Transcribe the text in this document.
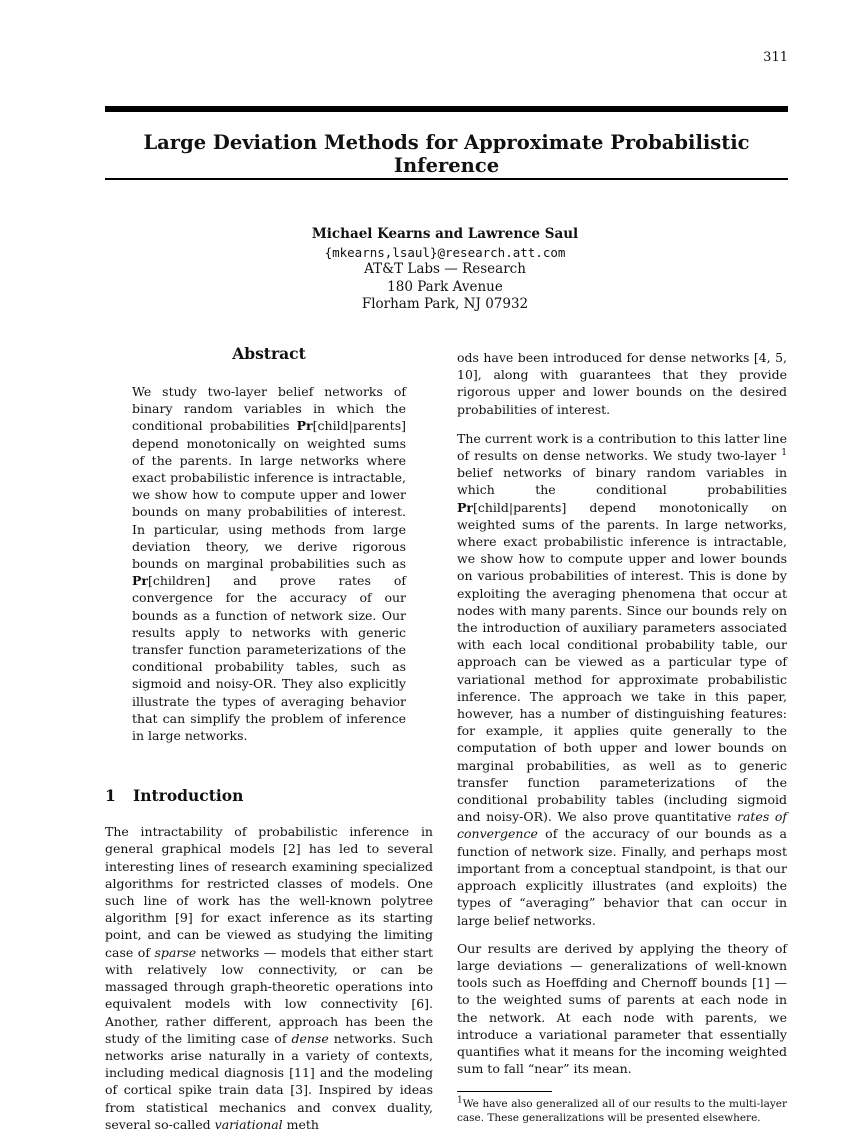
311
Large Deviation Methods for Approximate Probabilistic Inference
Michael Kearns and Lawrence Saul
{mkearns,lsaul}@research.att.com
AT&T Labs — Research
180 Park Avenue
Florham Park, NJ 07932
Abstract
We study two-layer belief networks of binary random variables in which the conditional probabilities Pr[child|parents] depend monotonically on weighted sums of the parents. In large networks where exact probabilistic inference is intractable, we show how to compute upper and lower bounds on many probabilities of interest. In particular, using methods from large deviation theory, we derive rigorous bounds on marginal probabilities such as Pr[children] and prove rates of convergence for the accuracy of our bounds as a function of network size. Our results apply to networks with generic transfer function parameterizations of the conditional probability tables, such as sigmoid and noisy-OR. They also explicitly illustrate the types of averaging behavior that can simplify the problem of inference in large networks.
1 Introduction
The intractability of probabilistic inference in general graphical models [2] has led to several interesting lines of research examining specialized algorithms for restricted classes of models. One such line of work has the well-known polytree algorithm [9] for exact inference as its starting point, and can be viewed as studying the limiting case of sparse networks — models that either start with relatively low connectivity, or can be massaged through graph-theoretic operations into equivalent models with low connectivity [6]. Another, rather different, approach has been the study of the limiting case of dense networks. Such networks arise naturally in a variety of contexts, including medical diagnosis [11] and the modeling of cortical spike train data [3]. Inspired by ideas from statistical mechanics and convex duality, several so-called variational meth
ods have been introduced for dense networks [4, 5, 10], along with guarantees that they provide rigorous upper and lower bounds on the desired probabilities of interest.
The current work is a contribution to this latter line of results on dense networks. We study two-layer $^1$ belief networks of binary random variables in which the conditional probabilities Pr[child|parents] depend monotonically on weighted sums of the parents. In large networks, where exact probabilistic inference is intractable, we show how to compute upper and lower bounds on various probabilities of interest. This is done by exploiting the averaging phenomena that occur at nodes with many parents. Since our bounds rely on the introduction of auxiliary parameters associated with each local conditional probability table, our approach can be viewed as a particular type of variational method for approximate probabilistic inference. The approach we take in this paper, however, has a number of distinguishing features: for example, it applies quite generally to the computation of both upper and lower bounds on marginal probabilities, as well as to generic transfer function parameterizations of the conditional probability tables (including sigmoid and noisy-OR). We also prove quantitative rates of convergence of the accuracy of our bounds as a function of network size. Finally, and perhaps most important from a conceptual standpoint, is that our approach explicitly illustrates (and exploits) the types of “averaging” behavior that can occur in large belief networks.
Our results are derived by applying the theory of large deviations — generalizations of well-known tools such as Hoeffding and Chernoff bounds [1] — to the weighted sums of parents at each node in the network. At each node with parents, we introduce a variational parameter that essentially quantifies what it means for the incoming weighted sum to fall “near” its mean.
1We have also generalized all of our results to the multi-layer case. These generalizations will be presented elsewhere.
